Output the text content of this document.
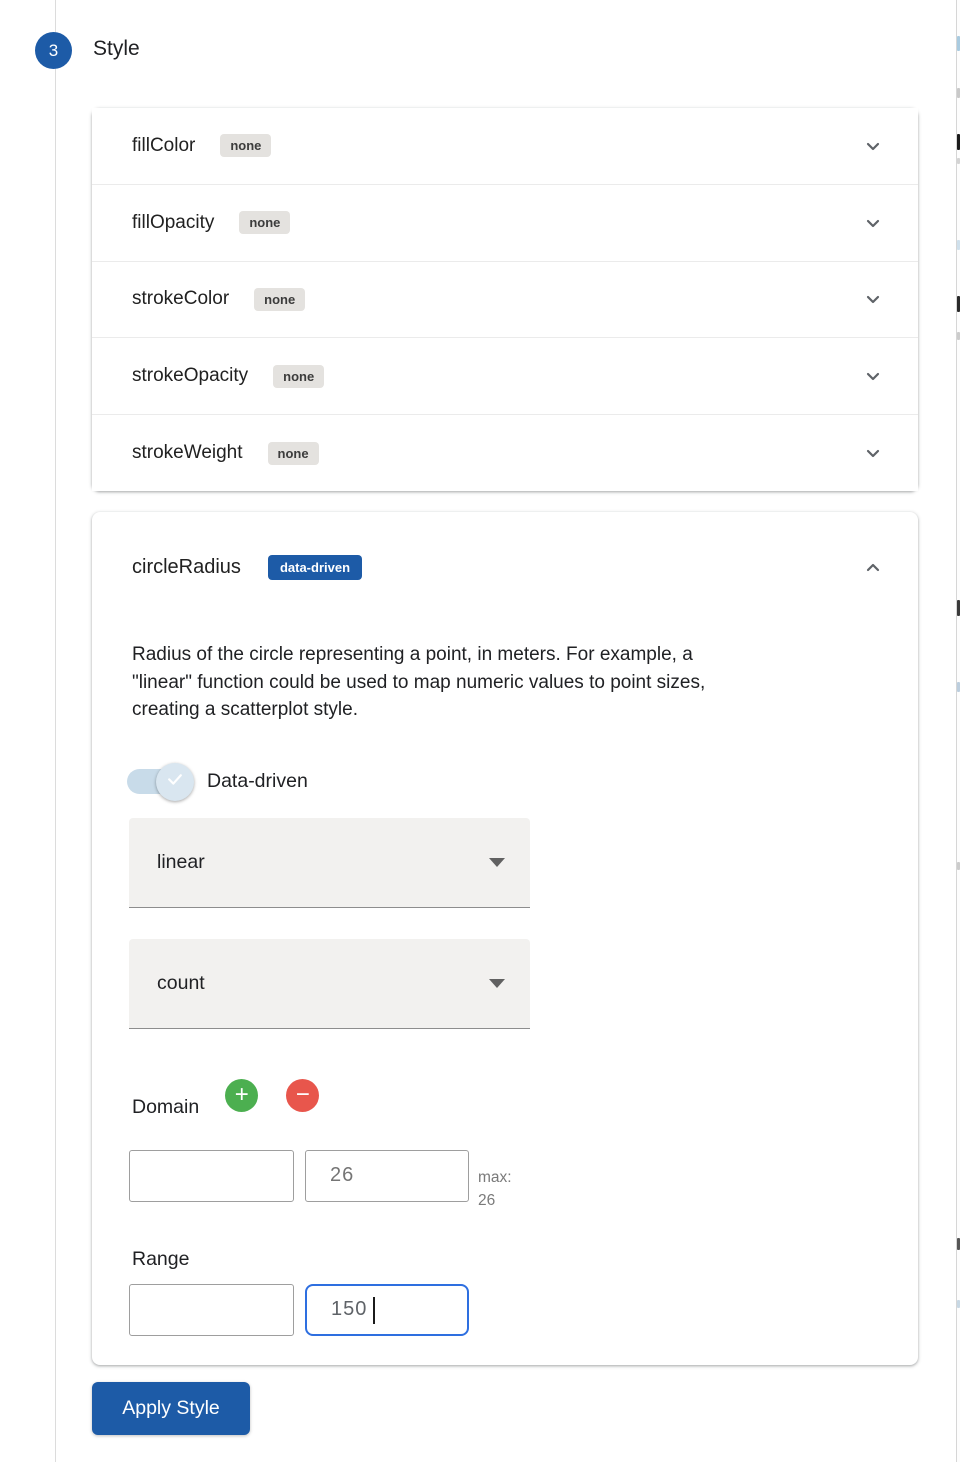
3	Style
fillColor	none
fillOpacity	none
strokeColor	none
strokeOpacity	none
strokeWeight	none
circleRadius	data-driven
Radius of the circle representing a point, in meters. For example, a
"linear" function could be used to map numeric values to point sizes,
creating a scatterplot style.
Data-driven
linear
count
Domain + −
26
max:
26
Range
150
Apply Style
